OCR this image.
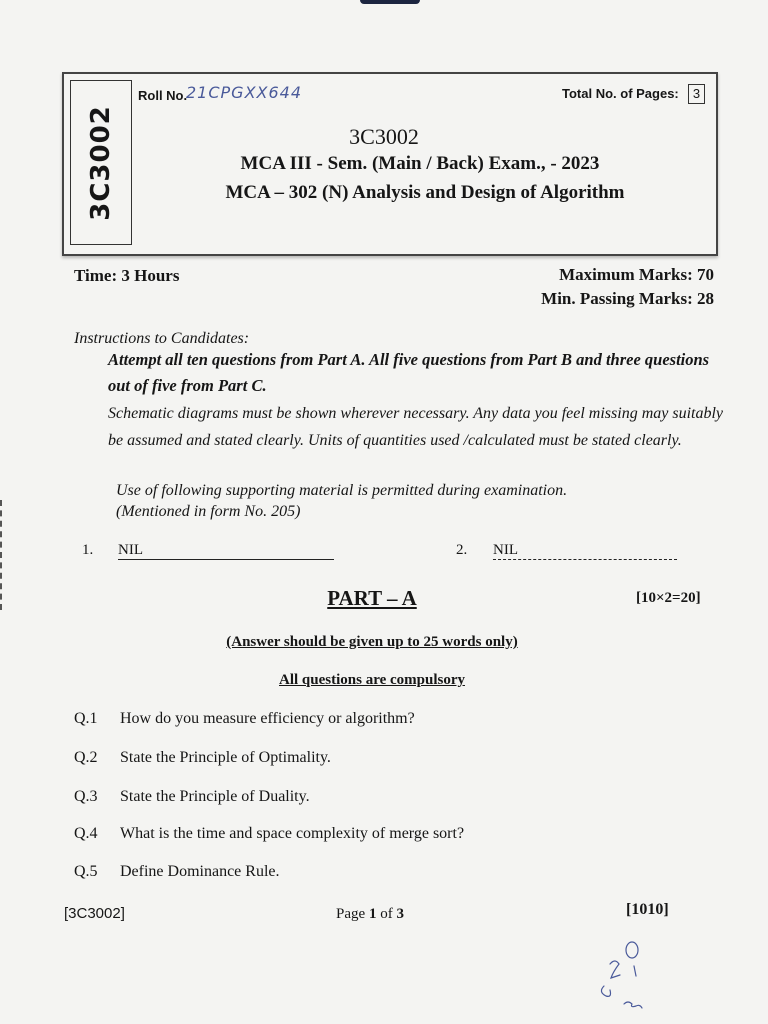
3C3002
Roll No.
21CPGXX644	Total No. of Pages:	3
3C3002
MCA III - Sem. (Main / Back) Exam., - 2023
MCA – 302 (N) Analysis and Design of Algorithm
Time: 3 Hours	Maximum Marks: 70
Min. Passing Marks: 28
Instructions to Candidates:
Attempt all ten questions from Part A. All five questions from Part B and three questions out of five from Part C.
Schematic diagrams must be shown wherever necessary. Any data you feel missing may suitably be assumed and stated clearly. Units of quantities used /calculated must be stated clearly.
Use of following supporting material is permitted during examination.
(Mentioned in form No. 205)
1. NIL	2. NIL
PART – A	[10×2=20]
(Answer should be given up to 25 words only)
All questions are compulsory
Q.1 How do you measure efficiency or algorithm?
Q.2 State the Principle of Optimality.
Q.3 State the Principle of Duality.
Q.4 What is the time and space complexity of merge sort?
Q.5 Define Dominance Rule.
[3C3002]	Page 1 of 3	[1010]
